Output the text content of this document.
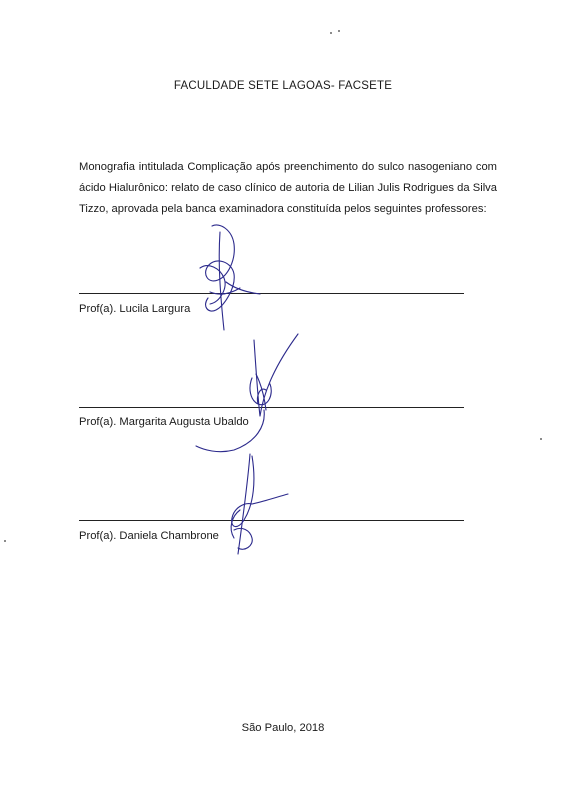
FACULDADE SETE LAGOAS- FACSETE
Monografia intitulada Complicação após preenchimento do sulco nasogeniano com ácido Hialurônico: relato de caso clínico de autoria de Lilian Julis Rodrigues da Silva Tizzo, aprovada pela banca examinadora constituída pelos seguintes professores:
Prof(a). Lucila Largura
Prof(a). Margarita Augusta Ubaldo
Prof(a). Daniela Chambrone
São Paulo, 2018
